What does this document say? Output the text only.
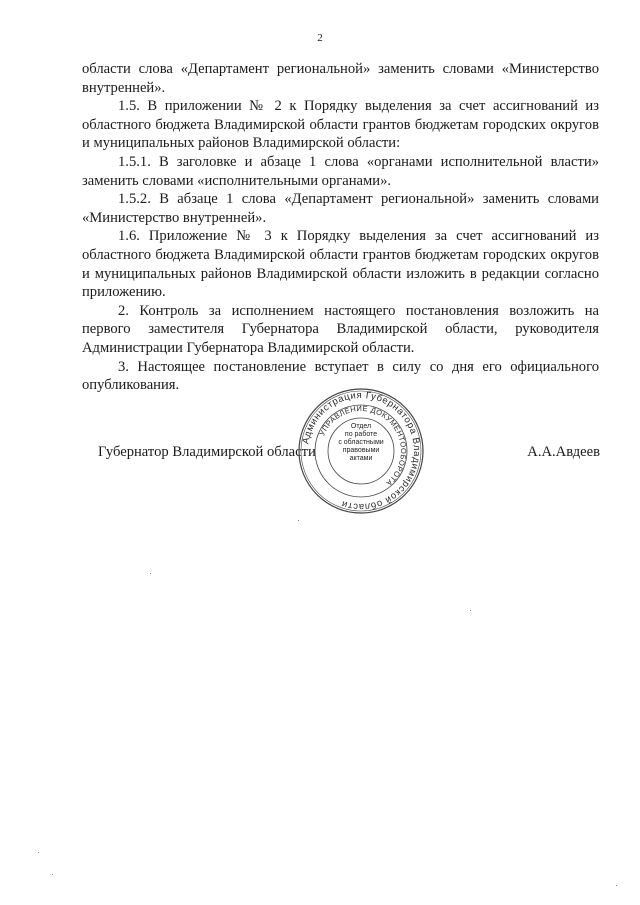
2

области слова «Департамент региональной» заменить словами «Министерство внутренней».

1.5. В приложении № 2 к Порядку выделения за счет ассигнований из областного бюджета Владимирской области грантов бюджетам городских округов и муниципальных районов Владимирской области:

1.5.1. В заголовке и абзаце 1 слова «органами исполнительной власти» заменить словами «исполнительными органами».

1.5.2. В абзаце 1 слова «Департамент региональной» заменить словами «Министерство внутренней».

1.6. Приложение № 3 к Порядку выделения за счет ассигнований из областного бюджета Владимирской области грантов бюджетам городских округов и муниципальных районов Владимирской области изложить в редакции согласно приложению.

2. Контроль за исполнением настоящего постановления возложить на первого заместителя Губернатора Владимирской области, руководителя Администрации Губернатора Владимирской области.

3. Настоящее постановление вступает в силу со дня его официального опубликования.

Губернатор Владимирской области	А.А.Авдеев
Администрация Губернатора Владимирской области
УПРАВЛЕНИЕ ДОКУМЕНТООБОРОТА
Отдел
по работе
с областными
правовыми
актами
